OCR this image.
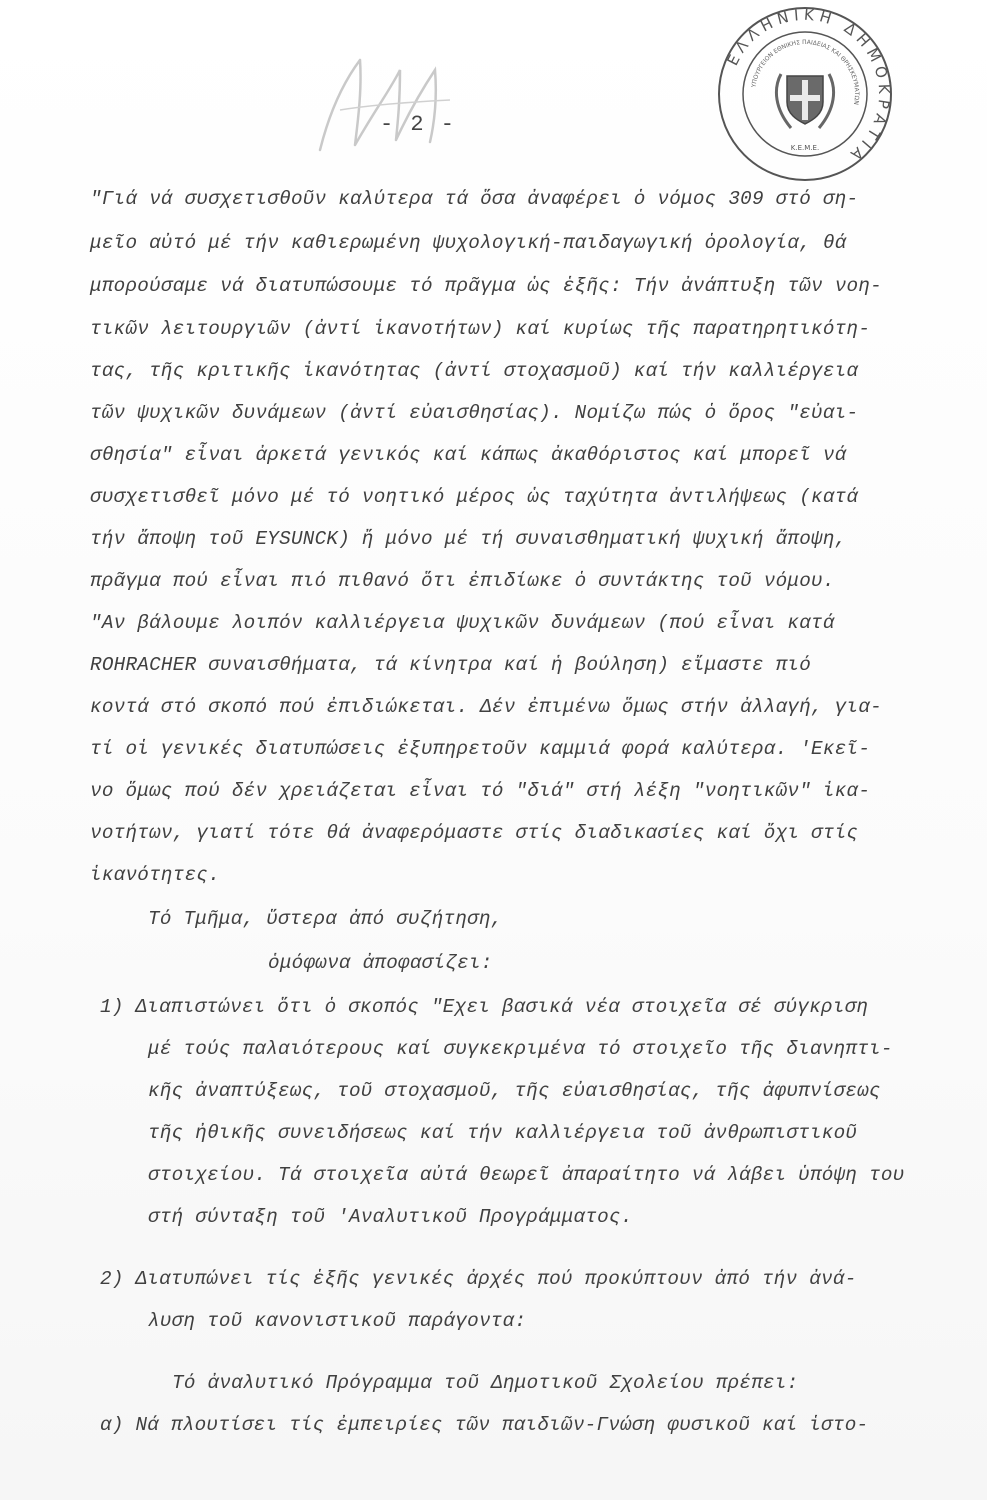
- 2 -
ΕΛΛΗΝΙΚΗ ΔΗΜΟΚΡΑΤΙΑ
ΥΠΟΥΡΓΕΙΟΝ ΕΘΝΙΚΗΣ ΠΑΙΔΕΙΑΣ ΚΑΙ ΘΡΗΣΚΕΥΜΑΤΩΝ
Κ.Ε.Μ.Ε.
"Γιά νά συσχετισθοῦν καλύτερα τά ὅσα ἀναφέρει ὁ νόμος 309 στό ση-
μεῖο αὐτό μέ τήν καθιερωμένη ψυχολογική-παιδαγωγική ὁρολογία, θά
μπορούσαμε νά διατυπώσουμε τό πρᾶγμα ὡς ἑξῆς: Τήν ἀνάπτυξη τῶν νοη-
τικῶν λειτουργιῶν (ἀντί ἱκανοτήτων) καί κυρίως τῆς παρατηρητικότη-
τας, τῆς κριτικῆς ἱκανότητας (ἀντί στοχασμοῦ) καί τήν καλλιέργεια
τῶν ψυχικῶν δυνάμεων (ἀντί εὐαισθησίας). Νομίζω πώς ὁ ὅρος "εὐαι-
σθησία" εἶναι ἀρκετά γενικός καί κάπως ἀκαθόριστος καί μπορεῖ νά
συσχετισθεῖ μόνο μέ τό νοητικό μέρος ὡς ταχύτητα ἀντιλήψεως (κατά
τήν ἄποψη τοῦ EYSUNCK) ἤ μόνο μέ τή συναισθηματική ψυχική ἄποψη,
πρᾶγμα πού εἶναι πιό πιθανό ὅτι ἐπιδίωκε ὁ συντάκτης τοῦ νόμου.
"Αν βάλουμε λοιπόν καλλιέργεια ψυχικῶν δυνάμεων (πού εἶναι κατά
ROHRACHER συναισθήματα, τά κίνητρα καί ἡ βούληση) εἴμαστε πιό
κοντά στό σκοπό πού ἐπιδιώκεται. Δέν ἐπιμένω ὅμως στήν ἀλλαγή, για-
τί οἱ γενικές διατυπώσεις ἐξυπηρετοῦν καμμιά φορά καλύτερα. 'Εκεῖ-
νο ὅμως πού δέν χρειάζεται εἶναι τό "διά" στή λέξη "νοητικῶν" ἱκα-
νοτήτων, γιατί τότε θά ἀναφερόμαστε στίς διαδικασίες καί ὄχι στίς
ἱκανότητες.
Τό Τμῆμα, ὕστερα ἀπό συζήτηση,
ὁμόφωνα ἀποφασίζει:
1) Διαπιστώνει ὅτι ὁ σκοπός "Εχει βασικά νέα στοιχεῖα σέ σύγκριση
μέ τούς παλαιότερους καί συγκεκριμένα τό στοιχεῖο τῆς διανηπτι-
κῆς ἀναπτύξεως, τοῦ στοχασμοῦ, τῆς εὐαισθησίας, τῆς ἀφυπνίσεως
τῆς ἠθικῆς συνειδήσεως καί τήν καλλιέργεια τοῦ ἀνθρωπιστικοῦ
στοιχείου. Τά στοιχεῖα αὐτά θεωρεῖ ἀπαραίτητο νά λάβει ὑπόψη του
στή σύνταξη τοῦ 'Αναλυτικοῦ Προγράμματος.
2) Διατυπώνει τίς ἑξῆς γενικές ἀρχές πού προκύπτουν ἀπό τήν ἀνά-
λυση τοῦ κανονιστικοῦ παράγοντα:
Τό ἀναλυτικό Πρόγραμμα τοῦ Δημοτικοῦ Σχολείου πρέπει:
α) Νά πλουτίσει τίς ἐμπειρίες τῶν παιδιῶν-Γνώση φυσικοῦ καί ἱστο-
